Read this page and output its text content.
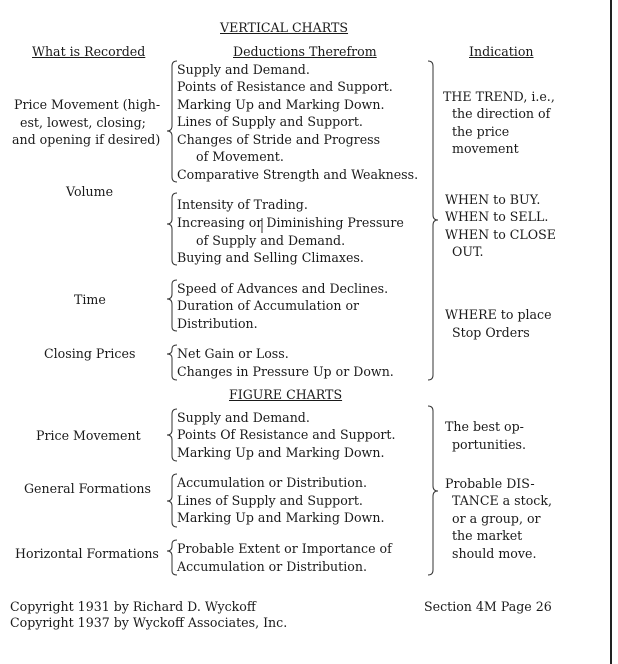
VERTICAL CHARTS
What is Recorded	Deductions Therefrom	Indication
Price Movement (high-
est, lowest, closing;
and opening if desired)
Volume
Time
Closing Prices
Supply and Demand.
Points of Resistance and Support.
Marking Up and Marking Down.
Lines of Supply and Support.
Changes of Stride and Progress
of Movement.
Comparative Strength and Weakness.
Intensity of Trading.
Increasing or Diminishing Pressure
of Supply and Demand.
Buying and Selling Climaxes.
Speed of Advances and Declines.
Duration of Accumulation or
Distribution.
Net Gain or Loss.
Changes in Pressure Up or Down.
THE TREND, i.e.,
the direction of
the price
movement
WHEN to BUY.
WHEN to SELL.
WHEN to CLOSE
OUT.
WHERE to place
Stop Orders
FIGURE CHARTS
Price Movement
General Formations
Horizontal Formations
Supply and Demand.
Points Of Resistance and Support.
Marking Up and Marking Down.
Accumulation or Distribution.
Lines of Supply and Support.
Marking Up and Marking Down.
Probable Extent or Importance of
Accumulation or Distribution.
The best op-
portunities.
Probable DIS-
TANCE a stock,
or a group, or
the market
should move.
Copyright 1931 by Richard D. Wyckoff
Copyright 1937 by Wyckoff Associates, Inc.
Section 4M Page 26
